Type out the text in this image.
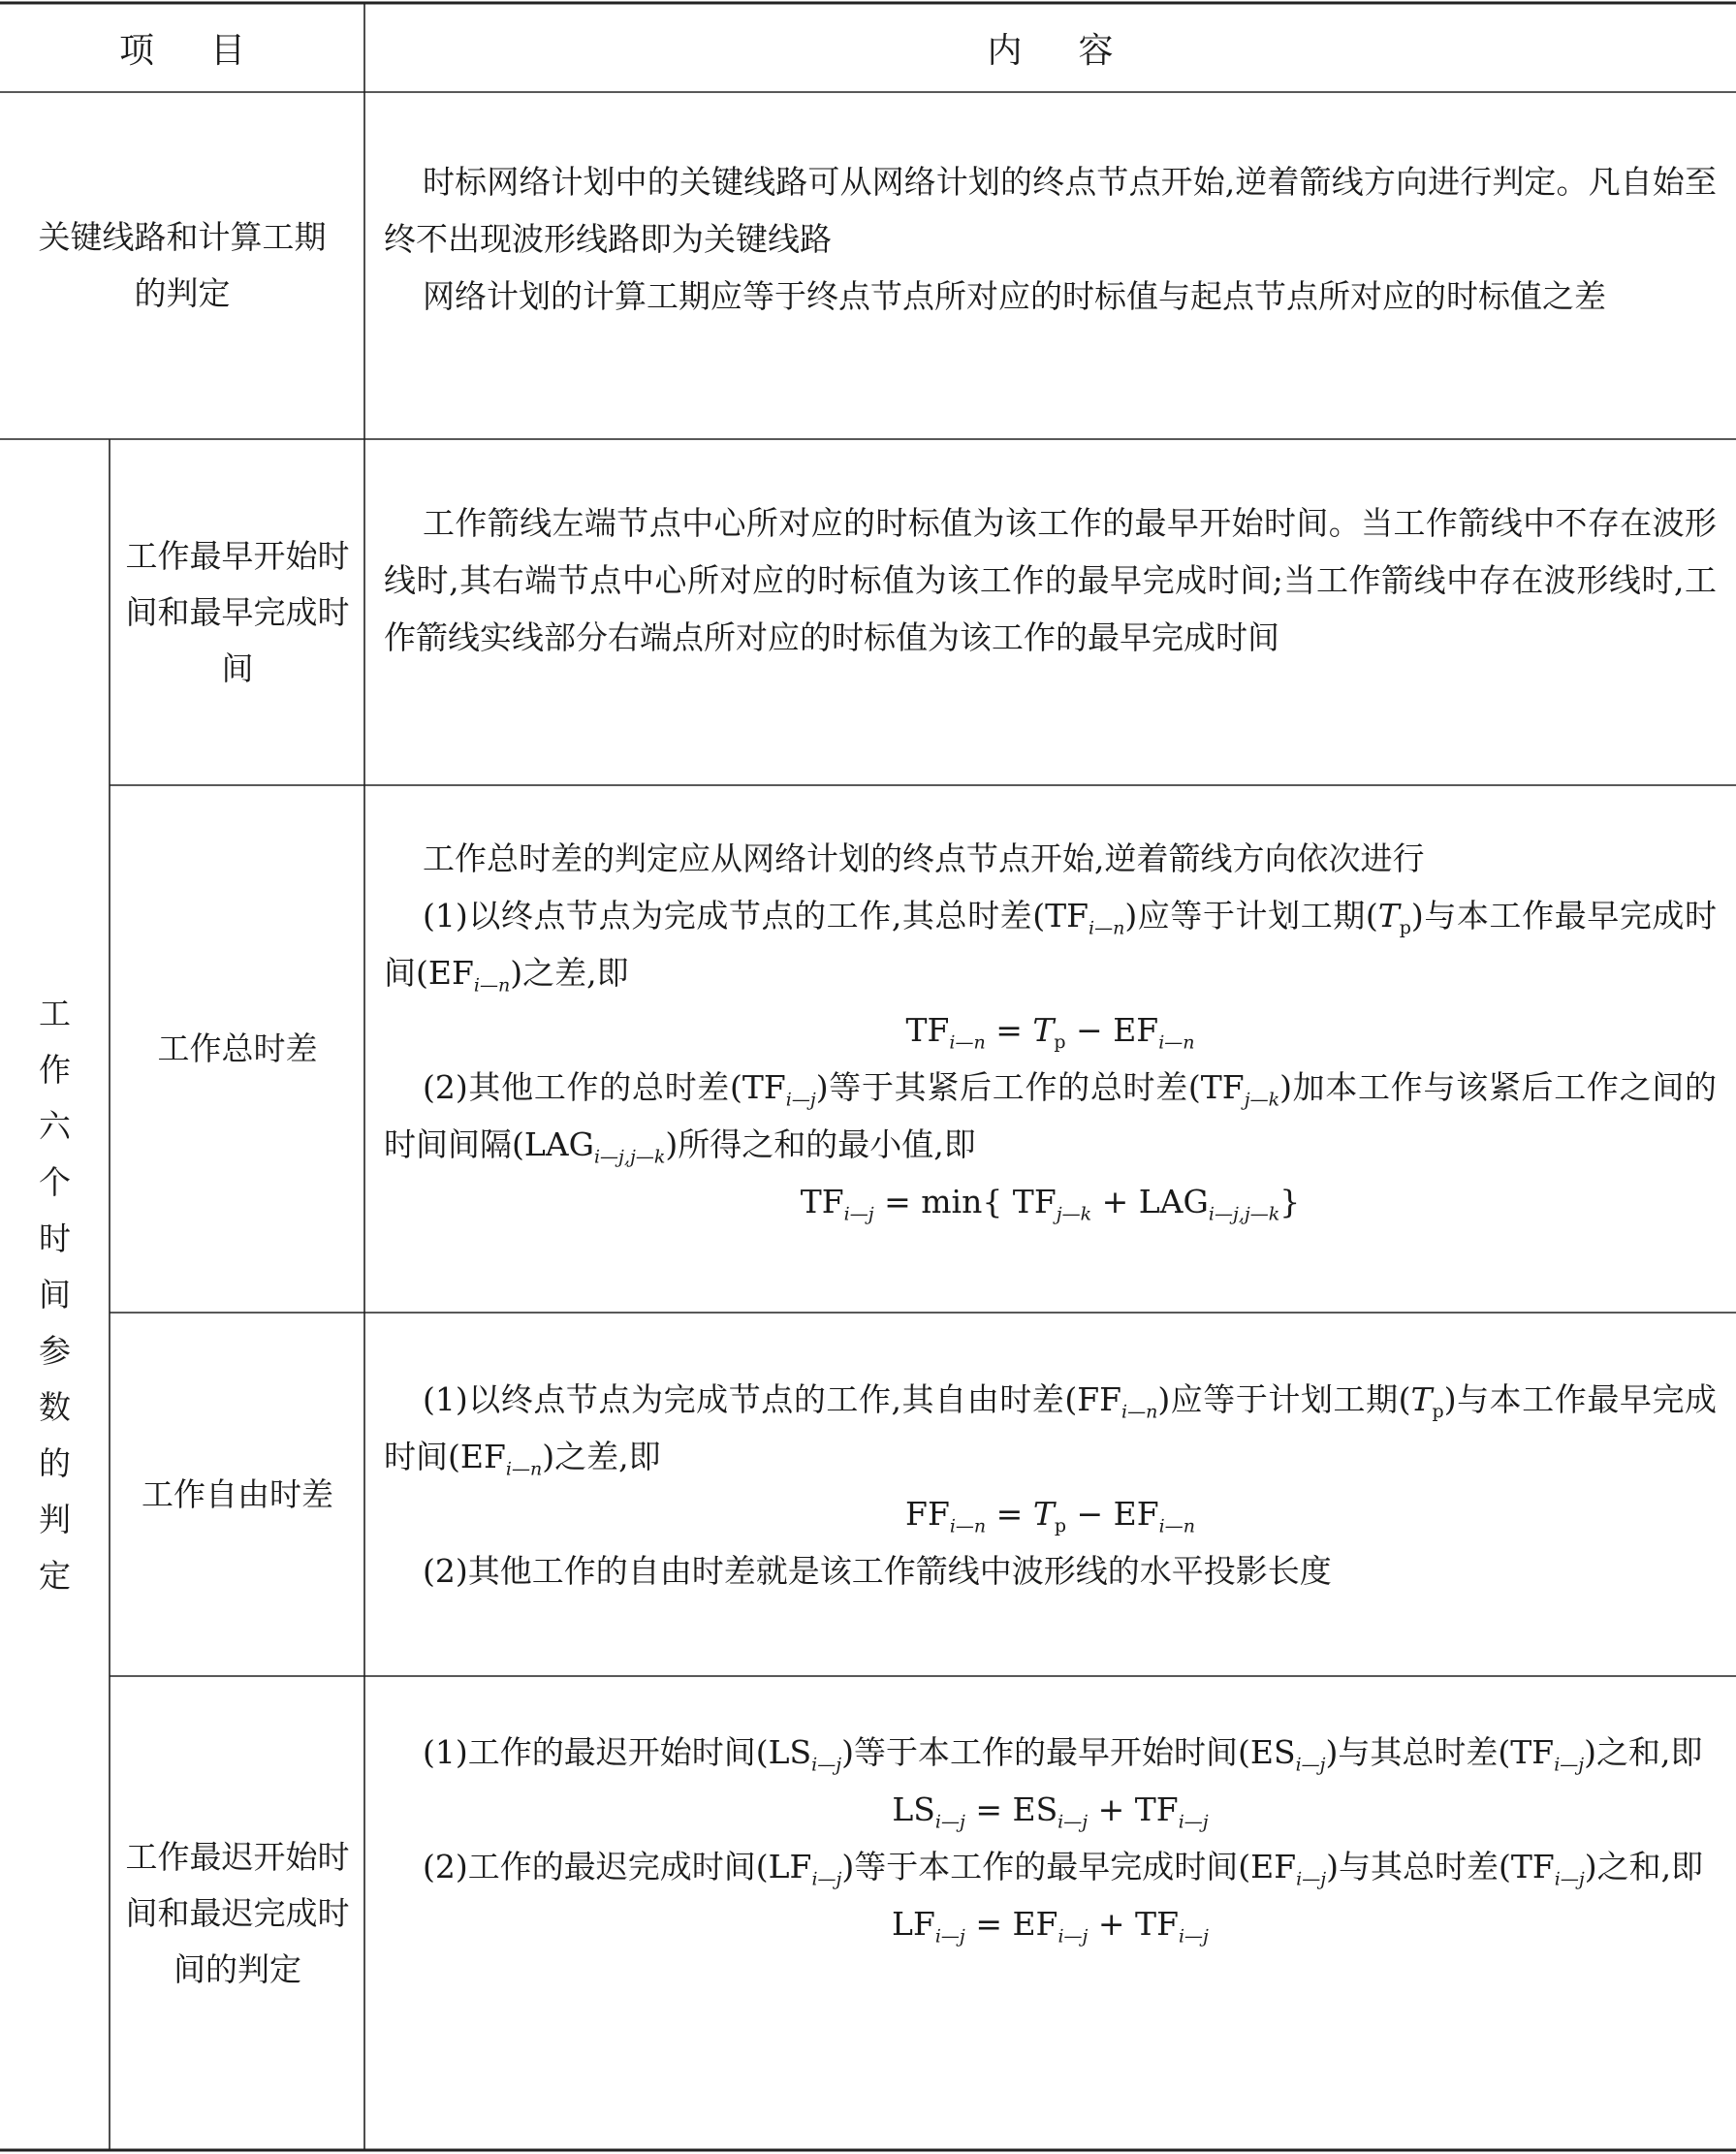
项目	内容
关键线路和计算工期的判定

时标网络计划中的关键线路可从网络计划的终点节点开始,逆着箭线方向进行判定。凡自始至终不出现波形线路即为关键线路

网络计划的计算工期应等于终点节点所对应的时标值与起点节点所对应的时标值之差

工
作
六
个
时
间
参
数
的
判
定
工作最早开始时间和最早完成时间

工作箭线左端节点中心所对应的时标值为该工作的最早开始时间。当工作箭线中不存在波形线时,其右端节点中心所对应的时标值为该工作的最早完成时间;当工作箭线中存在波形线时,工作箭线实线部分右端点所对应的时标值为该工作的最早完成时间

工作总时差

工作总时差的判定应从网络计划的终点节点开始,逆着箭线方向依次进行

(1)以终点节点为完成节点的工作,其总时差$(TF_{i—n})$应等于计划工期$(T_p)$与本工作最早完成时间$(EF_{i—n})$之差,即

$TF_{i—n} = T_p - EF_{i—n}$

(2)其他工作的总时差$(TF_{i—j})$等于其紧后工作的总时差$(TF_{j—k})$加本工作与该紧后工作之间的时间间隔$(LAG_{i—j,j—k})$所得之和的最小值,即

$TF_{i—j} = \min${ $TF_{j—k} + LAG_{i—j,j—k}$}

工作自由时差

(1)以终点节点为完成节点的工作,其自由时差$(FF_{i—n})$应等于计划工期$(T_p)$与本工作最早完成时间$(EF_{i—n})$之差,即

$FF_{i—n} = T_p - EF_{i—n}$

(2)其他工作的自由时差就是该工作箭线中波形线的水平投影长度

工作最迟开始时间和最迟完成时间的判定

(1)工作的最迟开始时间$(LS_{i—j})$等于本工作的最早开始时间$(ES_{i—j})$与其总时差$(TF_{i—j})$之和,即

$LS_{i—j} = ES_{i—j} + TF_{i—j}$

(2)工作的最迟完成时间$(LF_{i—j})$等于本工作的最早完成时间$(EF_{i—j})$与其总时差$(TF_{i—j})$之和,即

$LF_{i—j} = EF_{i—j} + TF_{i—j}$
